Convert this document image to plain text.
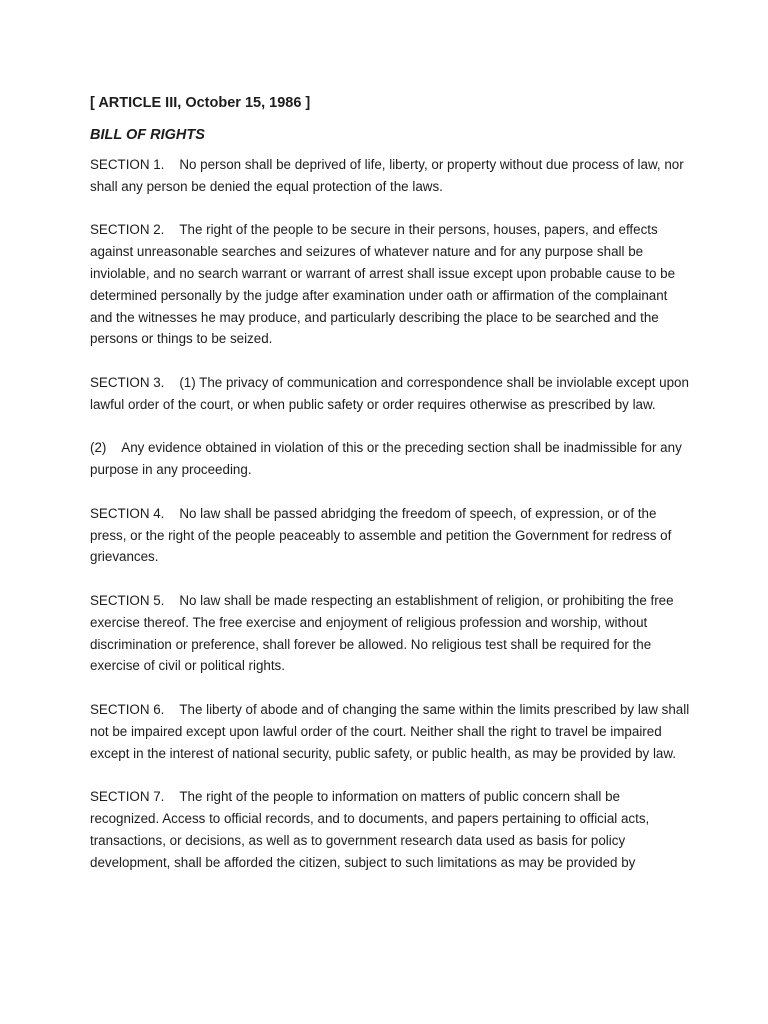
[ ARTICLE III, October 15, 1986 ]

BILL OF RIGHTS

SECTION 1. No person shall be deprived of life, liberty, or property without due process of law, nor shall any person be denied the equal protection of the laws.

SECTION 2. The right of the people to be secure in their persons, houses, papers, and effects against unreasonable searches and seizures of whatever nature and for any purpose shall be inviolable, and no search warrant or warrant of arrest shall issue except upon probable cause to be determined personally by the judge after examination under oath or affirmation of the complainant and the witnesses he may produce, and particularly describing the place to be searched and the persons or things to be seized.

SECTION 3. (1) The privacy of communication and correspondence shall be inviolable except upon lawful order of the court, or when public safety or order requires otherwise as prescribed by law.

(2) Any evidence obtained in violation of this or the preceding section shall be inadmissible for any purpose in any proceeding.

SECTION 4. No law shall be passed abridging the freedom of speech, of expression, or of the press, or the right of the people peaceably to assemble and petition the Government for redress of grievances.

SECTION 5. No law shall be made respecting an establishment of religion, or prohibiting the free exercise thereof. The free exercise and enjoyment of religious profession and worship, without discrimination or preference, shall forever be allowed. No religious test shall be required for the exercise of civil or political rights.

SECTION 6. The liberty of abode and of changing the same within the limits prescribed by law shall not be impaired except upon lawful order of the court. Neither shall the right to travel be impaired except in the interest of national security, public safety, or public health, as may be provided by law.

SECTION 7. The right of the people to information on matters of public concern shall be recognized. Access to official records, and to documents, and papers pertaining to official acts, transactions, or decisions, as well as to government research data used as basis for policy development, shall be afforded the citizen, subject to such limitations as may be provided by
